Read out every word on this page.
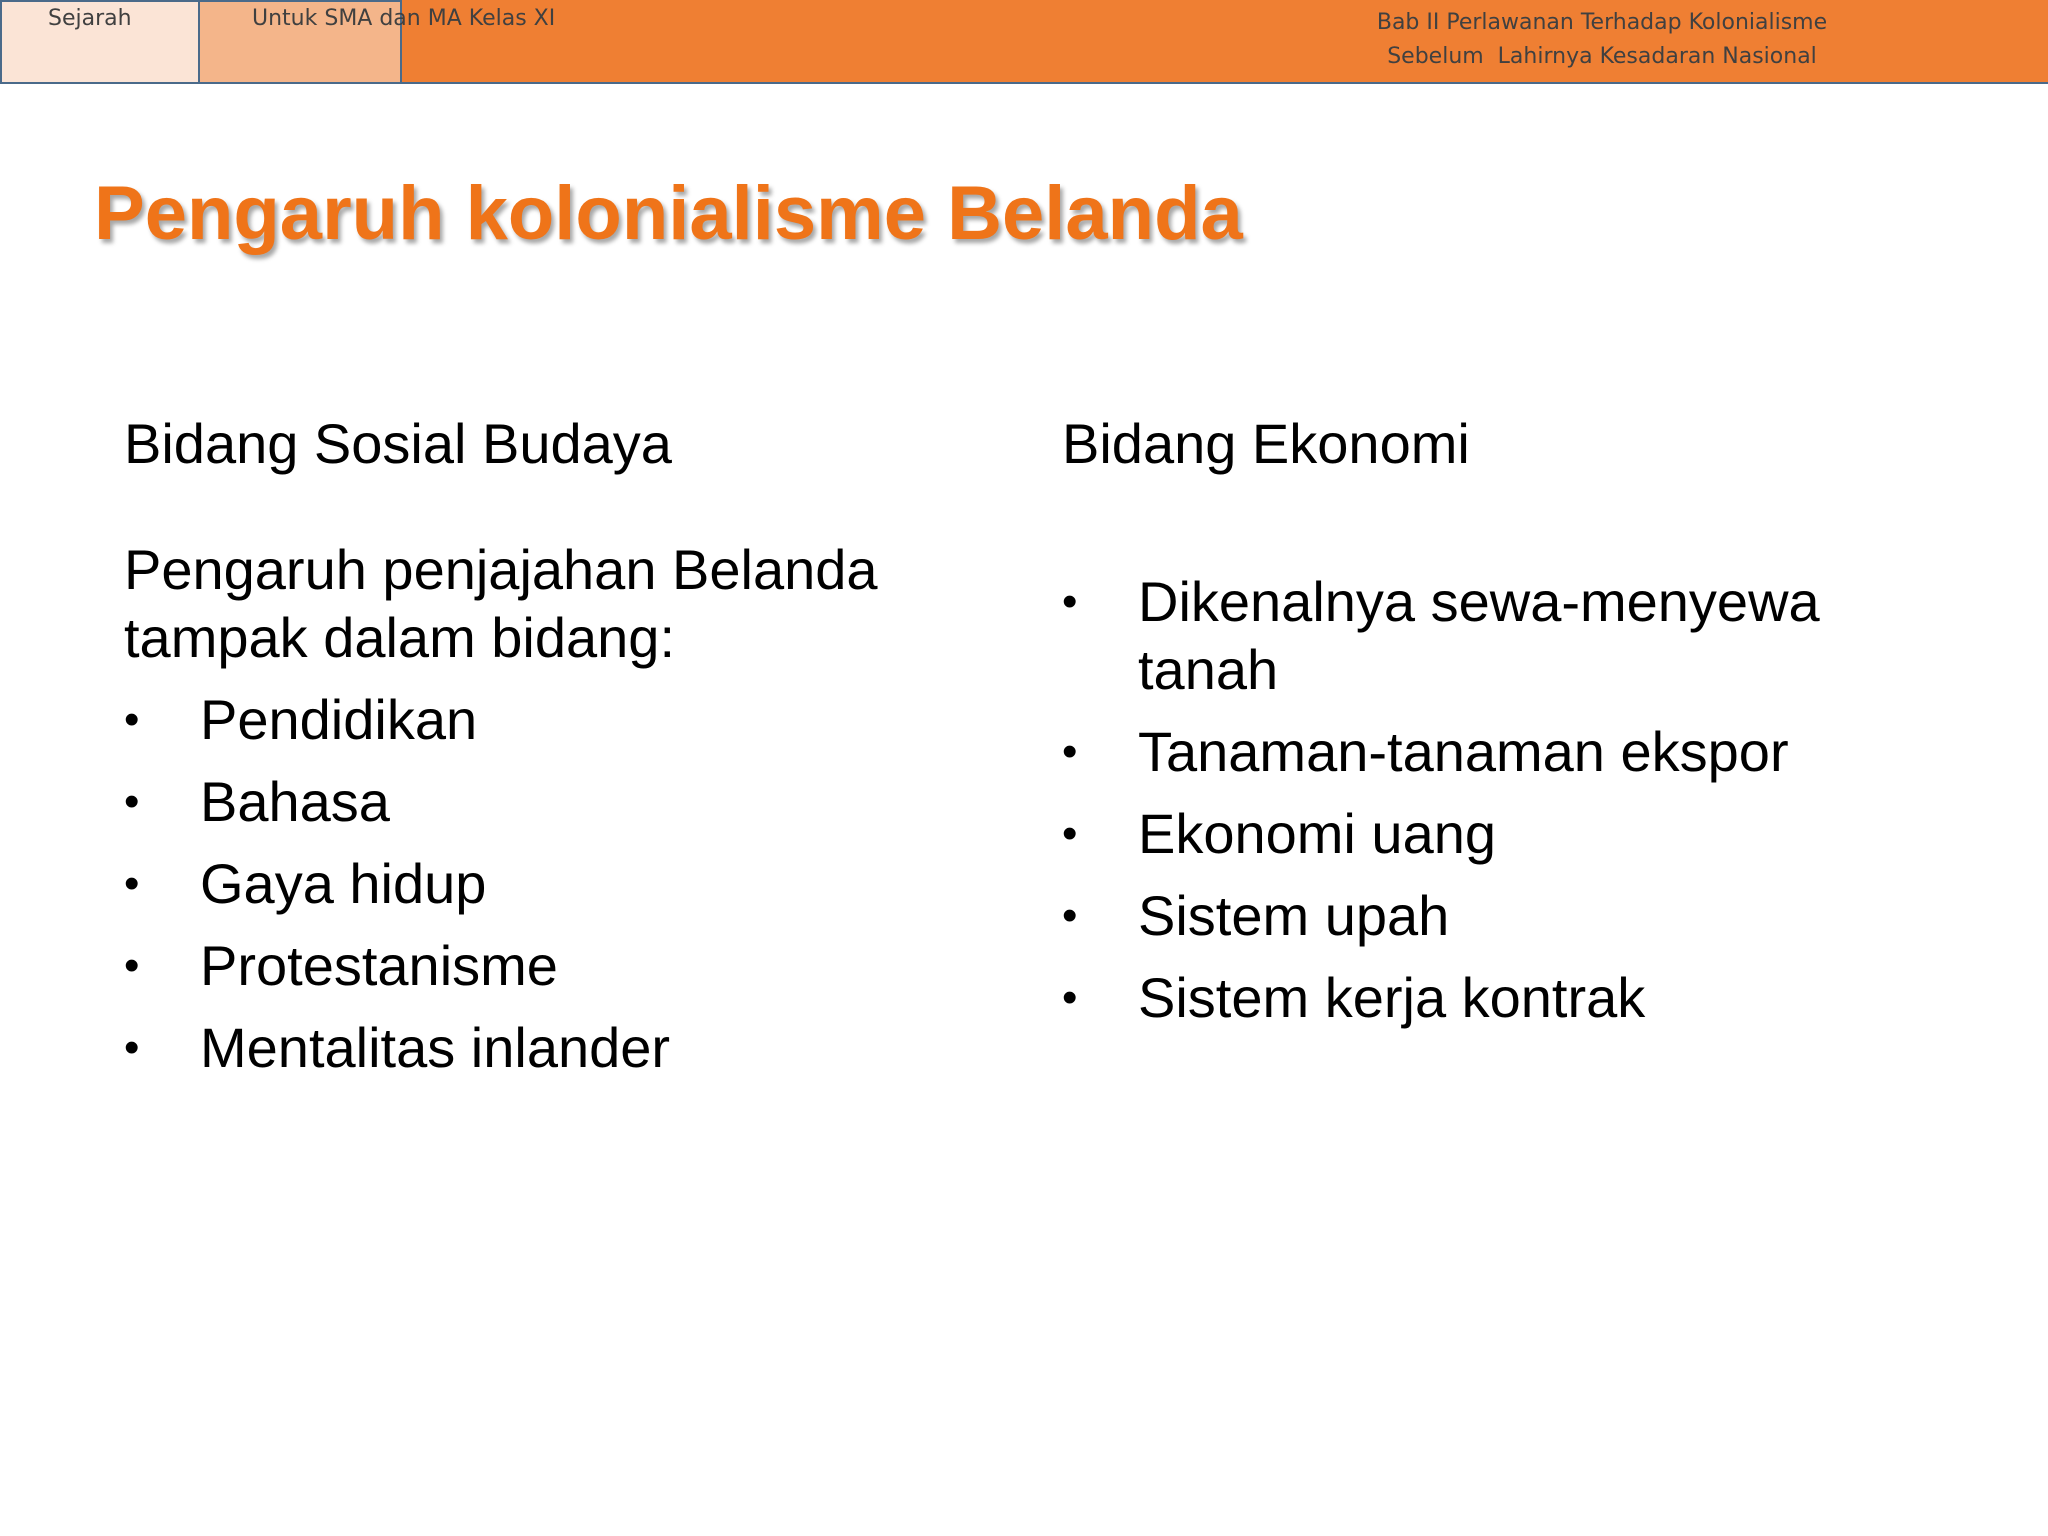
Sejarah	Untuk SMA dan MA Kelas XI	Bab II Perlawanan Terhadap Kolonialisme
Sebelum  Lahirnya Kesadaran Nasional
Pengaruh kolonialisme Belanda
Bidang Sosial Budaya

Pengaruh penjajahan Belanda tampak dalam bidang:

• Pendidikan
• Bahasa
• Gaya hidup
• Protestanisme
• Mentalitas inlander
Bidang Ekonomi
• Dikenalnya sewa-menyewa tanah
• Tanaman-tanaman ekspor
• Ekonomi uang
• Sistem upah
• Sistem kerja kontrak
